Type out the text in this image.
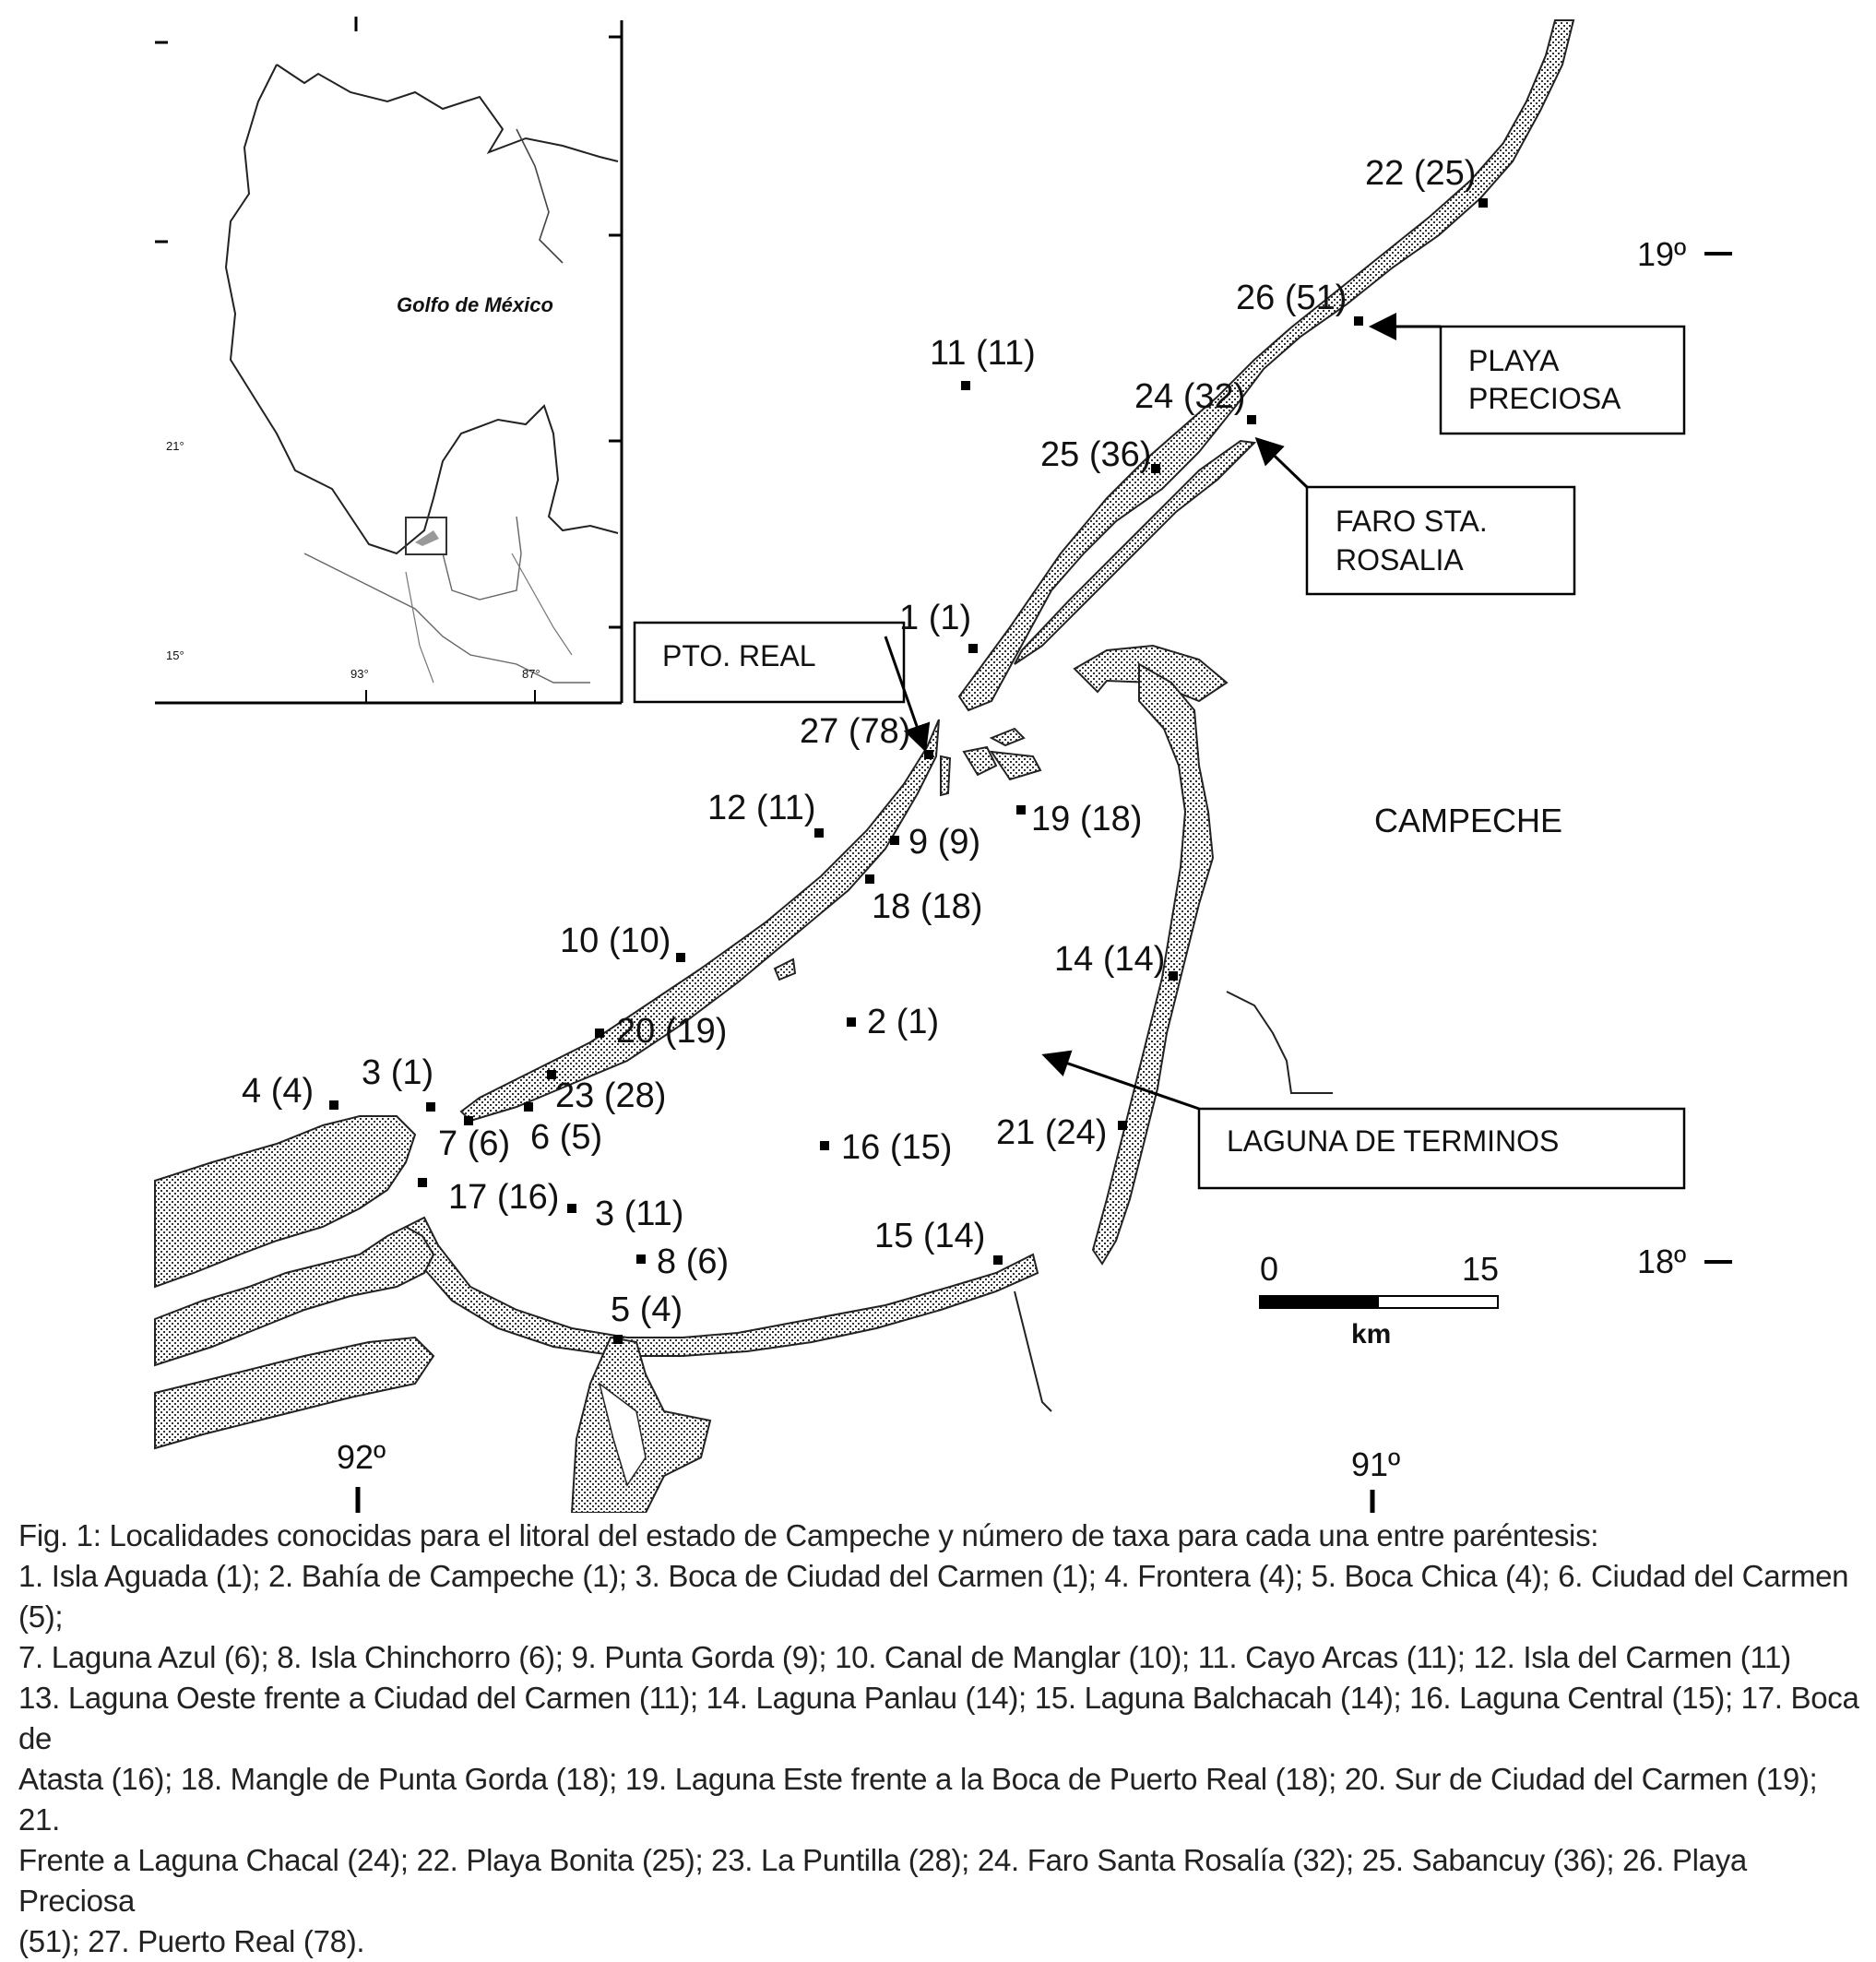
Golfo de México
21°
15°
93°	87°
19º
18º
92º	91º
CAMPECHE
PLAYA
PRECIOSA
FARO STA.
ROSALIA
PTO. REAL
LAGUNA DE TERMINOS
0	15
km
22 (25)
26 (51)
11 (11)
24 (32)
25 (36)
1 (1)
27 (78)
12 (11)
9 (9)
19 (18)
18 (18)
10 (10)	14 (14)
2 (1)
20 (19)
23 (28)
4 (4) 3 (1)
7 (6) 6 (5)	21 (24)
16 (15)
17 (16) 3 (11)
8 (6)
15 (14)
5 (4)

Fig. 1: Localidades conocidas para el litoral del estado de Campeche y número de taxa para cada una entre paréntesis:

1. Isla Aguada (1); 2. Bahía de Campeche (1); 3. Boca de Ciudad del Carmen (1); 4. Frontera (4); 5. Boca Chica (4); 6. Ciudad del Carmen (5);

7. Laguna Azul (6); 8. Isla Chinchorro (6); 9. Punta Gorda (9); 10. Canal de Manglar (10); 11. Cayo Arcas (11); 12. Isla del Carmen (11)

13. Laguna Oeste frente a Ciudad del Carmen (11); 14. Laguna Panlau (14); 15. Laguna Balchacah (14); 16. Laguna Central (15); 17. Boca de

Atasta (16); 18. Mangle de Punta Gorda (18); 19. Laguna Este frente a la Boca de Puerto Real (18); 20. Sur de Ciudad del Carmen (19); 21.

Frente a Laguna Chacal (24); 22. Playa Bonita (25); 23. La Puntilla (28); 24. Faro Santa Rosalía (32); 25. Sabancuy (36); 26. Playa Preciosa

(51); 27. Puerto Real (78).
